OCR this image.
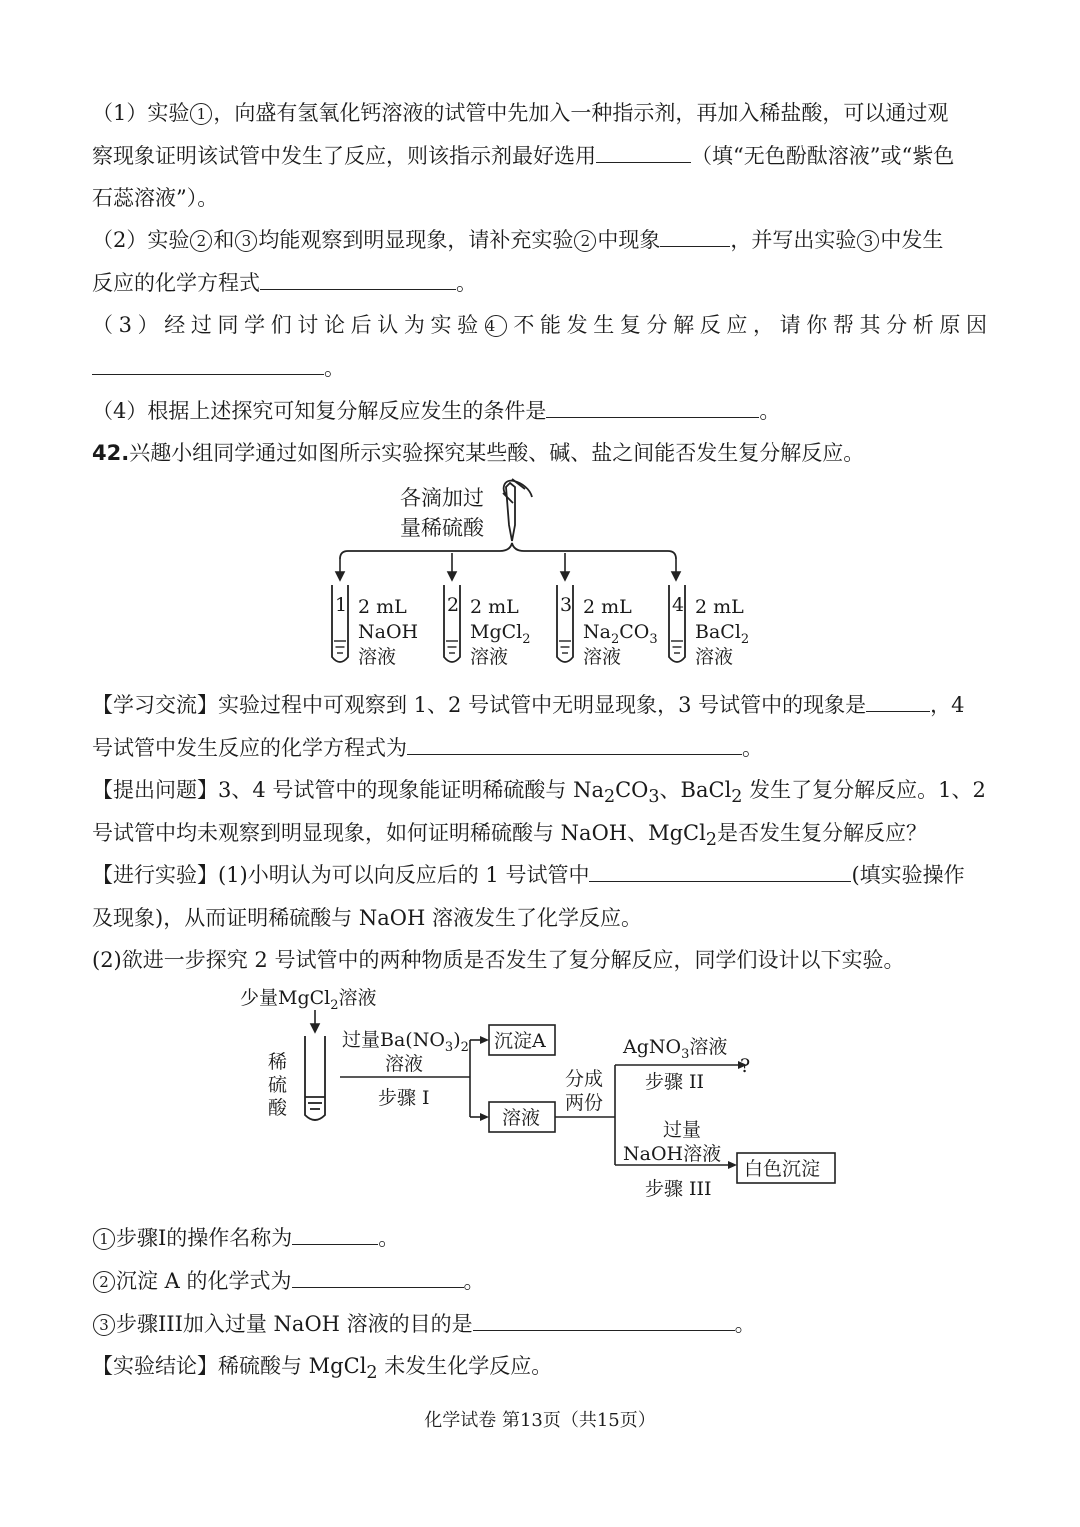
（1）实验 1 ，向盛有氢氧化钙溶液的试管中先加入一种指示剂，再加入稀盐酸，可以通过观
察现象证明该试管中发生了反应，则该指示剂最好选用	（填“无色酚酞溶液”或“紫色
石蕊溶液”）。
（2）实验 2 和 3 均能观察到明显现象，请补充实验 2 中现象	，并写出实验 3 中发生
反应的化学方程式	。
（3）经过同学们讨论后认为实验 4 不能发生复分解反应，请你帮其分析原因
。
（4）根据上述探究可知复分解反应发生的条件是	。
42.兴趣小组同学通过如图所示实验探究某些酸、碱、盐之间能否发生复分解反应。
各滴加过
量稀硫酸
1 2 mL
NaOH
溶液
2 2 mL
MgCl$_2$
溶液
3 2 mL
$Na_2CO_3$
溶液
4 2 mL
BaCl$_2$
溶液
【学习交流】实验过程中可观察到 1、2 号试管中无明显现象，3 号试管中的现象是	，4
号试管中发生反应的化学方程式为	。
【提出问题】3、4 号试管中的现象能证明稀硫酸与 $Na_2CO_3$、BaCl$_2$ 发生了复分解反应。1、2
号试管中均未观察到明显现象，如何证明稀硫酸与 NaOH、MgCl$_2$是否发生复分解反应？
【进行实验】(1)小明认为可以向反应后的 1 号试管中	(填实验操作
及现象)，从而证明稀硫酸与 NaOH 溶液发生了化学反应。
(2)欲进一步探究 2 号试管中的两种物质是否发生了复分解反应，同学们设计以下实验。
少量MgCl$_2$溶液
稀
硫
酸
过量$Ba(NO_3)_2$
溶液
步骤 I
沉淀A
溶液
分成
两份
AgNO$_3$溶液
步骤 II
?
过量
NaOH溶液
步骤 III
白色沉淀
1 步骤I的操作名称为	。
2 沉淀 A 的化学式为	。
3 步骤III加入过量 NaOH 溶液的目的是	。
【实验结论】稀硫酸与 MgCl$_2$ 未发生化学反应。
化学试卷 第13页（共15页）
